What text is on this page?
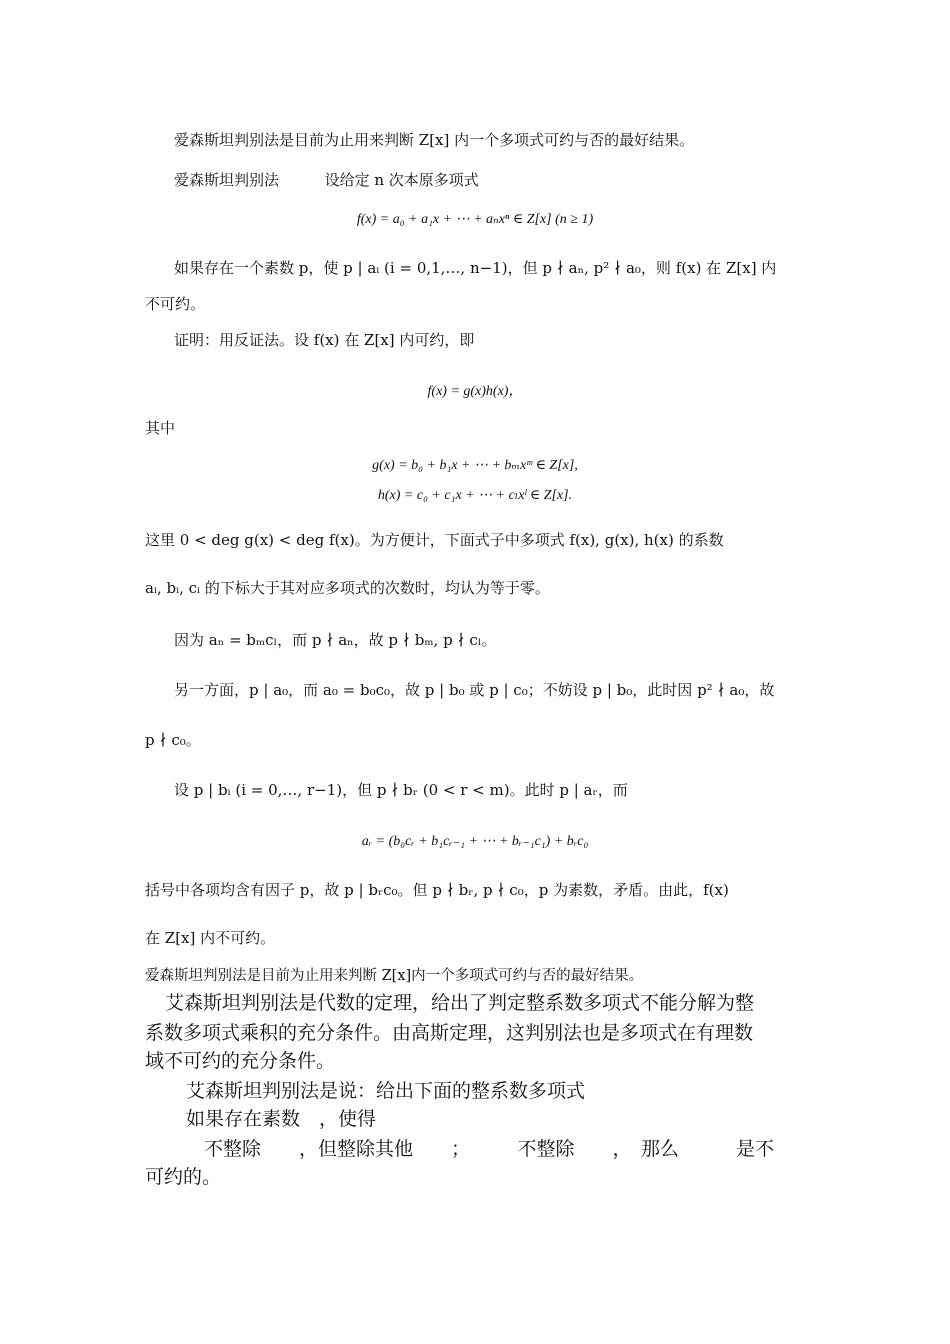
爱森斯坦判别法是目前为止用来判断 Z[x] 内一个多项式可约与否的最好结果。
爱森斯坦判别法	设给定 n 次本原多项式
f(x) = a₀ + a₁x + ⋯ + aₙxⁿ ∈ Z[x] (n ≥ 1)
如果存在一个素数 p，使 p | aᵢ (i = 0,1,…, n−1)，但 p ∤ aₙ, p² ∤ a₀，则 f(x) 在 Z[x] 内
不可约。
证明：用反证法。设 f(x) 在 Z[x] 内可约，即
f(x) = g(x)h(x)，
其中
g(x) = b₀ + b₁x + ⋯ + bₘxᵐ ∈ Z[x],
h(x) = c₀ + c₁x + ⋯ + cₗxˡ ∈ Z[x].
这里 0 < deg g(x) < deg f(x)。为方便计，下面式子中多项式 f(x), g(x), h(x) 的系数
aᵢ, bᵢ, cᵢ 的下标大于其对应多项式的次数时，均认为等于零。
因为 aₙ = bₘcₗ，而 p ∤ aₙ，故 p ∤ bₘ, p ∤ cₗ。
另一方面，p | a₀，而 a₀ = b₀c₀，故 p | b₀ 或 p | c₀；不妨设 p | b₀，此时因 p² ∤ a₀，故
p ∤ c₀。
设 p | bᵢ (i = 0,…, r−1)，但 p ∤ bᵣ (0 < r < m)。此时 p | aᵣ，而
aᵣ = (b₀cᵣ + b₁cᵣ₋₁ + ⋯ + bᵣ₋₁c₁) + bᵣc₀
括号中各项均含有因子 p，故 p | bᵣc₀。但 p ∤ bᵣ, p ∤ c₀，p 为素数，矛盾。由此，f(x)
在 Z[x] 内不可约。
爱森斯坦判别法是目前为止用来判断 Z[x]内一个多项式可约与否的最好结果。
艾森斯坦判别法是代数的定理，给出了判定整系数多项式不能分解为整
系数多项式乘积的充分条件。由高斯定理，这判别法也是多项式在有理数
域不可约的充分条件。
艾森斯坦判别法是说：给出下面的整系数多项式
如果存在素数　，使得
不整除　　，但整除其他　　；　　　不整除　　，　那么　　　是不
可约的。
